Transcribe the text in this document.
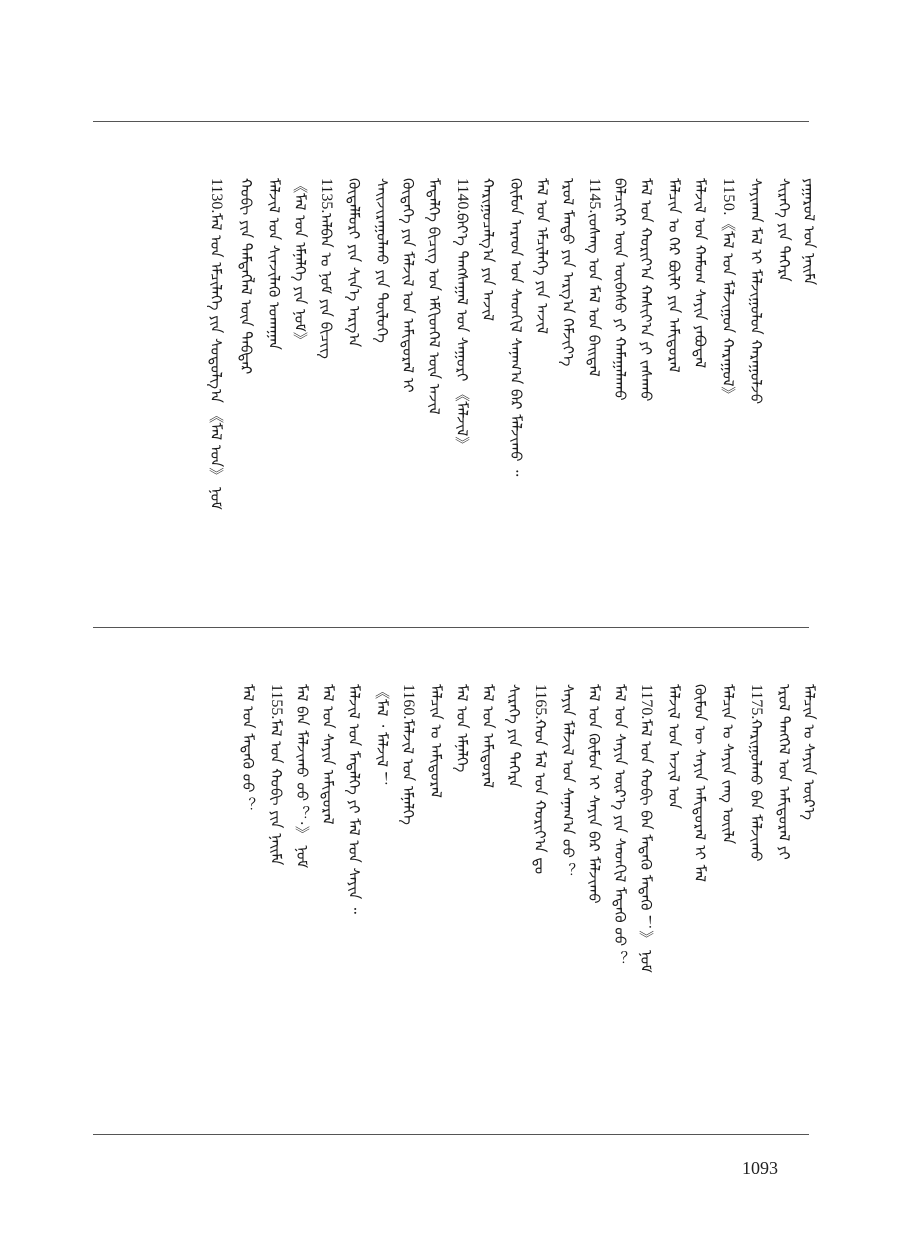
ᠶᠠᠭᠠᠷᠤᠯ ᠤᠨ ᠨᠠᠢᠮᠠ
ᠰᠢᠷᠡᠭᠡ ᠶᠢᠨ ᠳᠡᠭᠡᠷᠡ
ᠰᠠᠶᠢᠬᠠᠨ ᠮᠠᠯ ᠢ ᠮᠠᠯᠵᠢᠭᠤᠯᠤᠨ ᠬᠠᠷᠠᠭᠤᠯᠵᠤ
1150.《ᠮᠠᠯ ᠤᠨ ᠮᠠᠯᠵᠢᠭᠤᠨ ᠬᠠᠷᠠᠭᠤᠯ》
ᠮᠠᠯᠵᠢᠯ ᠤᠨ ᠬᠠᠮᠤᠭ ᠰᠠᠶᠢᠨ ᠶᠠᠪᠤᠳᠠᠯ
ᠮᠠᠯᠴᠢᠨ ᠤ ᠭᠡᠷ ᠪᠦᠯᠢ ᠶᠢᠨ ᠠᠮᠢᠳᠤᠷᠠᠯ
ᠮᠠᠯ ᠤᠨ ᠬᠣᠷᠢᠶ᠎ᠠ ᠬᠠᠰᠢᠶ᠎ᠠ ᠶᠢ ᠵᠠᠰᠠᠬᠤ
ᠪᠡᠯᠴᠢᠭᠡᠷ ᠦᠨ ᠥᠪᠡᠰᠦ ᠶᠢ ᠬᠠᠮᠠᠭᠠᠯᠠᠬᠤ
1145.ᠵᠤᠰᠠᠩ ᠤᠨ ᠮᠠᠯ ᠤᠨ ᠪᠠᠢᠳᠠᠯ
ᠡᠷᠦᠯ ᠮᠡᠨᠳᠦ ᠶᠢᠨ ᠠᠷᠭ᠎ᠠ ᠬᠡᠮᠵᠢᠶ᠎ᠡ
ᠮᠠᠯ ᠤᠨ ᠡᠮᠴᠢᠯᠡᠭᠡ ᠶᠢᠨ ᠠᠵᠢᠯ
ᠬᠦᠮᠦᠨ ᠠᠷᠠᠳ ᠤᠨ ᠰᠡᠳᠬᠢᠯ ᠰᠠᠨᠠᠭ᠎ᠠ ᠪᠡᠷ ᠮᠠᠯᠵᠢᠬᠤ ᠃
ᠬᠠᠷᠢᠭᠤᠴᠠᠯᠭ᠎ᠠ ᠶᠢᠨ ᠠᠵᠢᠯ
1140.ᠪᠡᠶ᠎ᠡ ᠲᠠᠩᠰᠠᠭᠠᠯ ᠤᠨ ᠰᠠᠭᠤᠷᠢ 《ᠮᠠᠯᠵᠢᠯ》
ᠮᠡᠳᠡᠯᠭᠡ ᠪᠢᠴᠢᠭ ᠤᠨ ᠡᠮᠬᠢᠳᠬᠡᠯ ᠦᠨ ᠠᠵᠢᠯ
ᠬᠦᠳᠡᠭᠡ ᠶᠢᠨ ᠮᠠᠯᠵᠢᠯ ᠤᠨ ᠠᠮᠢᠳᠤᠷᠠᠯ ᠢ
ᠰᠠᠢᠵᠢᠷᠠᠭᠤᠯᠬᠤ ᠶᠢᠨ ᠲᠦᠯᠦᠭᠡ
ᠬᠦᠳᠡᠯᠮᠦᠷᠢ ᠶᠢᠨ ᠰᠢᠨ᠎ᠡ ᠠᠷᠭ᠎ᠠ
1135.ᠠᠯᠪᠠᠨ ᠤ ᠨᠣᠮ ᠶᠢᠨ ᠪᠢᠴᠢᠭ
《ᠮᠠᠯ ᠤᠨ ᠡᠮᠨᠡᠯᠭᠡ ᠶᠢᠨ ᠨᠣᠮ》
ᠮᠠᠯᠵᠢᠯ ᠤᠨ ᠰᠢᠨᠵᠢᠯᠡᠬᠦ ᠤᠬᠠᠭᠠᠨ
ᠬᠣᠪᠢ ᠶᠢᠨ ᠲᠡᠮᠳᠡᠭᠯᠡᠯ ᠦᠨ ᠳᠡᠪᠲᠡᠷ
1130.ᠮᠠᠯ ᠤᠨ ᠡᠮᠴᠢᠯᠡᠭᠡ ᠶᠢᠨ ᠰᠣᠳᠤᠯᠭ᠎ᠠ 《ᠮᠠᠯ ᠤᠨ》 ᠨᠣᠮ
ᠮᠠᠯᠴᠢᠨ ᠤ ᠰᠠᠶᠢᠨ ᠦᠷ᠎ᠡ
ᠡᠷᠦᠯ ᠲᠡᠩᠭᠡᠯ ᠤᠨ ᠠᠮᠢᠳᠤᠷᠠᠯ ᠶᠢ
1175.ᠬᠠᠷᠢᠭᠤᠯᠬᠤ ᠪᠠᠨ ᠮᠠᠯᠵᠢᠬᠤ
ᠮᠠᠯᠴᠢᠨ ᠤ ᠰᠠᠶᠢᠨ ᠵᠠᠩ ᠦᠢᠯᠡ
ᠬᠦᠮᠦᠨ ᠦ ᠰᠠᠶᠢᠨ ᠠᠮᠢᠳᠤᠷᠠᠯ ᠢ ᠮᠠᠯ
ᠮᠠᠯᠵᠢᠯ ᠤᠨ ᠠᠵᠢᠯ ᠤᠨ
1170.ᠮᠠᠯ ᠤᠨ ᠬᠣᠪᠢ ᠪᠡᠨ ᠮᠡᠳᠡᠬᠦ ᠮᠡᠳᠡᠬᠦ ！》 ᠨᠣᠮ
ᠮᠠᠯ ᠤᠨ ᠰᠠᠶᠢᠨ ᠦᠷ᠎ᠡ ᠶᠢᠨ ᠰᠡᠳᠬᠢᠯ ᠮᠡᠳᠡᠬᠦ ᠦᠦ ？
ᠮᠠᠯ ᠤᠨ ᠬᠦᠮᠦᠨ ᠢ ᠰᠠᠶᠢᠨ ᠪᠡᠷ ᠮᠠᠯᠵᠢᠬᠤ
ᠰᠠᠶᠢᠨ ᠮᠠᠯᠵᠢᠯ ᠤᠨ ᠰᠠᠨᠠᠭ᠎ᠠ ᠦᠦ ？
1165.ᠬᠤᠨ ᠮᠠᠯ ᠤᠨ ᠬᠣᠷᠢᠶ᠎ᠠ ᠳᠤ
ᠰᠢᠷᠡᠭᠡ ᠶᠢᠨ ᠳᠡᠭᠡᠷᠡ
ᠮᠠᠯ ᠤᠨ ᠠᠮᠢᠳᠤᠷᠠᠯ
ᠮᠠᠯ ᠤᠨ ᠡᠮᠨᠡᠯᠭᠡ
ᠮᠠᠯᠴᠢᠨ ᠤ ᠠᠮᠢᠳᠤᠷᠠᠯ
1160.ᠮᠠᠯᠵᠢᠯ ᠤᠨ ᠡᠮᠨᠡᠯᠭᠡ
《ᠮᠠᠯ ᠂ ᠮᠠᠯᠵᠢᠯ ！
ᠮᠠᠯᠵᠢᠯ ᠤᠨ ᠮᠡᠳᠡᠯᠭᠡ ᠶᠢ ᠮᠠᠯ ᠤᠨ ᠰᠠᠶᠢᠨ ᠃
ᠮᠠᠯ ᠤᠨ ᠰᠠᠶᠢᠨ ᠠᠮᠢᠳᠤᠷᠠᠯ
ᠮᠠᠯ ᠪᠡᠨ ᠮᠠᠯᠵᠢᠬᠤ ᠦᠦ ？·》 ᠨᠣᠮ
1155.ᠮᠠᠯ ᠤᠨ ᠬᠣᠪᠢ ᠶᠢᠨ ᠨᠠᠢᠮᠠ
ᠮᠠᠯ ᠤᠨ ᠮᠡᠳᠡᠬᠦ ᠦᠦ ？
1093
